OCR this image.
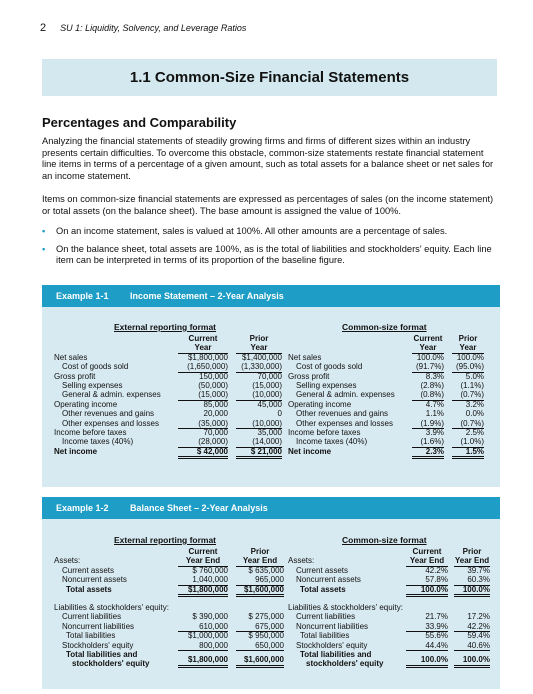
2 SU 1: Liquidity, Solvency, and Leverage Ratios
1.1 Common-Size Financial Statements
Percentages and Comparability
Analyzing the financial statements of steadily growing firms and firms of different sizes within an industry presents certain difficulties. To overcome this obstacle, common-size statements restate financial statement line items in terms of a percentage of a given amount, such as total assets for a balance sheet or net sales for an income statement.
Items on common-size financial statements are expressed as percentages of sales (on the income statement) or total assets (on the balance sheet). The base amount is assigned the value of 100%.
•	On an income statement, sales is valued at 100%. All other amounts are a percentage of sales.
•	On the balance sheet, total assets are 100%, as is the total of liabilities and stockholders' equity. Each line item can be interpreted in terms of its proportion of the baseline figure.
Example 1-1	Income Statement – 2-Year Analysis
External reporting format	Common-size format
Current	Prior
Year	Year
Net sales	$1,800,000	$1,400,000
Cost of goods sold	(1,650,000)	(1,330,000)
Gross profit	150,000	70,000
Selling expenses	(50,000)	(15,000)
General & admin. expenses	(15,000)	(10,000)
Operating income	85,000	45,000
Other revenues and gains	20,000	0
Other expenses and losses	(35,000)	(10,000)
Income before taxes	70,000	35,000
Income taxes (40%)	(28,000)	(14,000)
Net income	$ 42,000	$ 21,000
Current	Prior
Year	Year
Net sales	100.0%	100.0%
Cost of goods sold	(91.7%)	(95.0%)
Gross profit	8.3%	5.0%
Selling expenses	(2.8%)	(1.1%)
General & admin. expenses	(0.8%)	(0.7%)
Operating income	4.7%	3.2%
Other revenues and gains	1.1%	0.0%
Other expenses and losses	(1.9%)	(0.7%)
Income before taxes	3.9%	2.5%
Income taxes (40%)	(1.6%)	(1.0%)
Net income	2.3%	1.5%
Example 1-2	Balance Sheet – 2-Year Analysis
External reporting format	Common-size format
Current	Prior
Assets:	Year End	Year End
Current assets	$ 760,000	$ 635,000
Noncurrent assets	1,040,000	965,000
Total assets	$1,800,000	$1,600,000
Liabilities & stockholders' equity:
Current liabilities	$ 390,000	$ 275,000
Noncurrent liabilities	610,000	675,000
Total liabilities	$1,000,000	$ 950,000
Stockholders' equity	800,000	650,000
Total liabilities and
stockholders' equity	$1,800,000	$1,600,000
Current	Prior
Assets:	Year End	Year End
Current assets	42.2%	39.7%
Noncurrent assets	57.8%	60.3%
Total assets	100.0%	100.0%
Liabilities & stockholders' equity:
Current liabilities	21.7%	17.2%
Noncurrent liabilities	33.9%	42.2%
Total liabilities	55.6%	59.4%
Stockholders' equity	44.4%	40.6%
Total liabilities and
stockholders' equity	100.0%	100.0%
